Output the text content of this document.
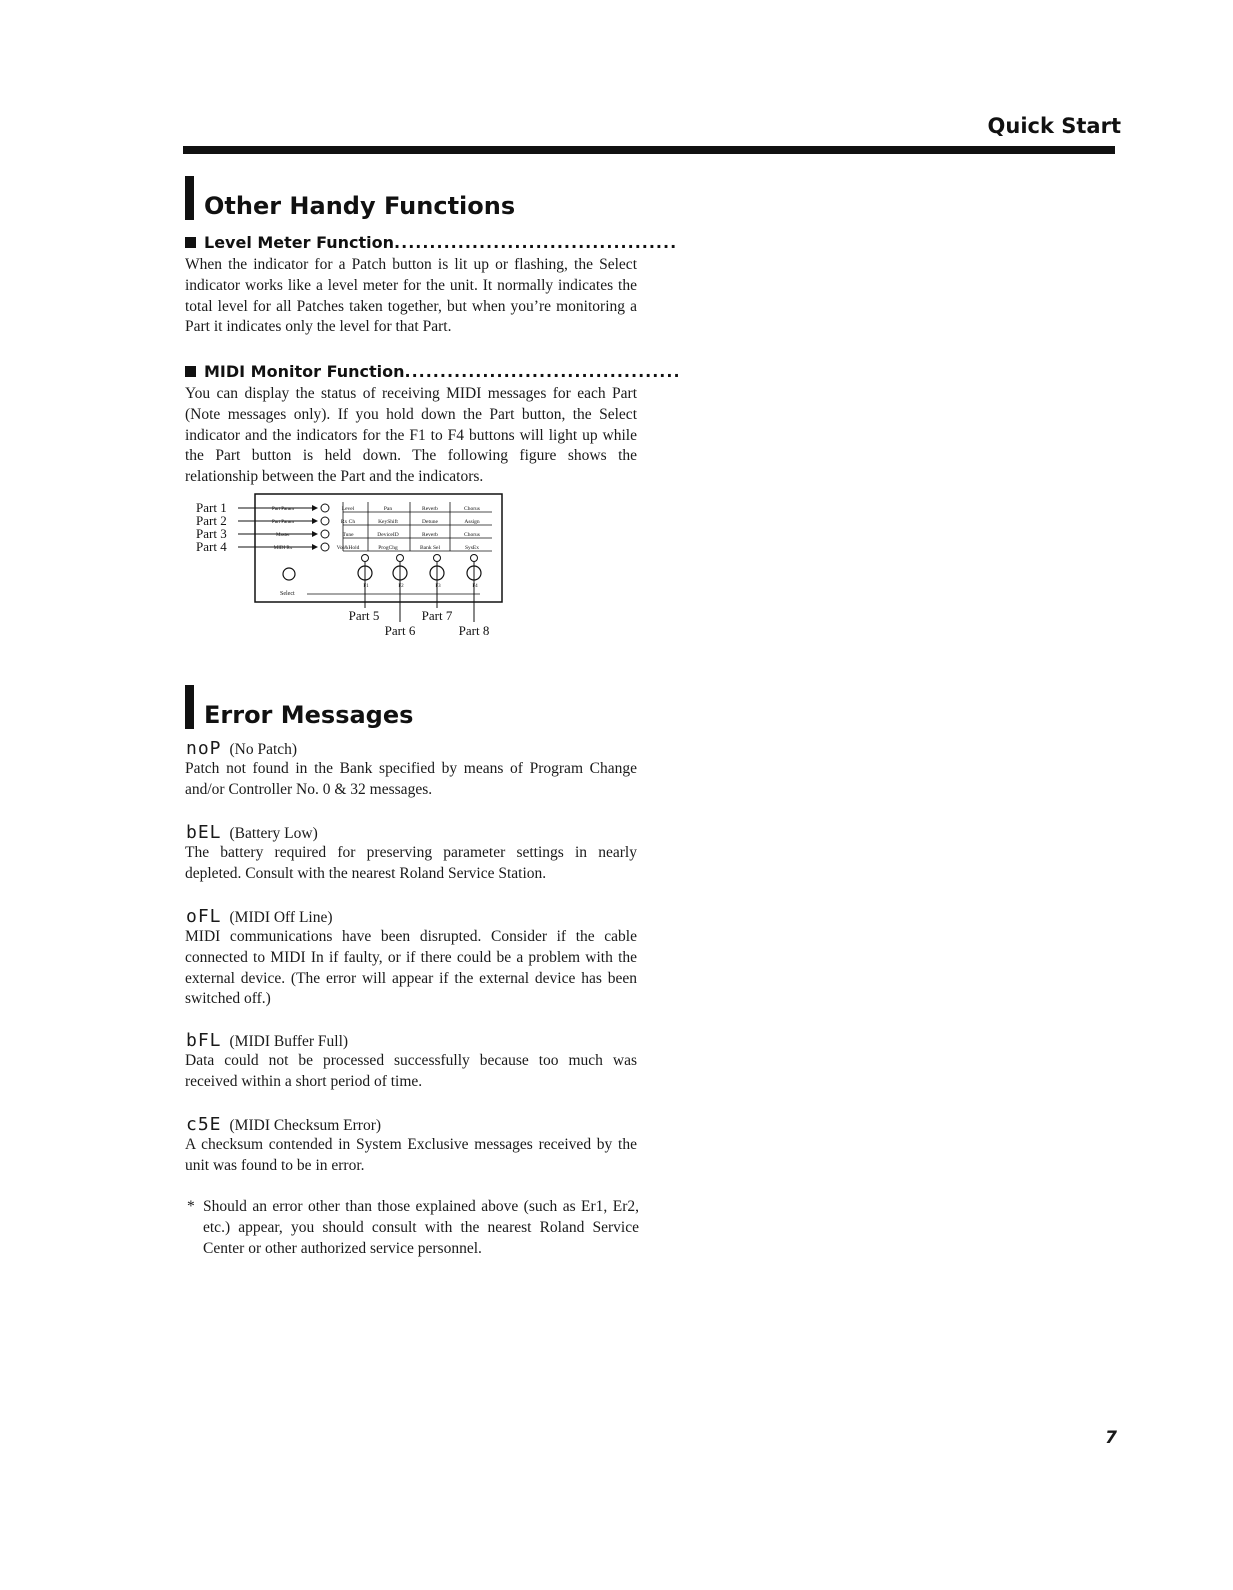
Quick Start
Other Handy Functions
Level Meter Function........................................
When the indicator for a Patch button is lit up or flashing, the Select indicator works like a level meter for the unit. It normally indicates the total level for all Patches taken together, but when you’re monitoring a Part it indicates only the level for that Part.
MIDI Monitor Function.......................................
You can display the status of receiving MIDI messages for each Part (Note messages only). If you hold down the Part button, the Select indicator and the indicators for the F1 to F4 buttons will light up while the Part button is held down. The following figure shows the relationship between the Part and the indicators.
Part 1	Part Param
Part 2	Part Param
Part 3	Master
Part 4	MIDI Rx
Level	Pan	Reverb	Chorus
Rx Ch	KeyShift	Detune	Assign
Tune	DeviceID	Reverb	Chorus
Vol&Hold	ProgChg	Bank Sel	SysEx
Select
F1	F2	F3	F4
Part 5	Part 7
Part 6	Part 8
Error Messages
noP (No Patch)
Patch not found in the Bank specified by means of Program Change and/or Controller No. 0 & 32 messages.
bEL (Battery Low)
The battery required for preserving parameter settings in nearly depleted. Consult with the nearest Roland Service Station.
oFL (MIDI Off Line)
MIDI communications have been disrupted. Consider if the cable connected to MIDI In if faulty, or if there could be a problem with the external device. (The error will appear if the external device has been switched off.)
bFL (MIDI Buffer Full)
Data could not be processed successfully because too much was received within a short period of time.
c5E (MIDI Checksum Error)
A checksum contended in System Exclusive messages received by the unit was found to be in error.
* Should an error other than those explained above (such as Er1, Er2, etc.) appear, you should consult with the nearest Roland Service Center or other authorized service personnel.
7
